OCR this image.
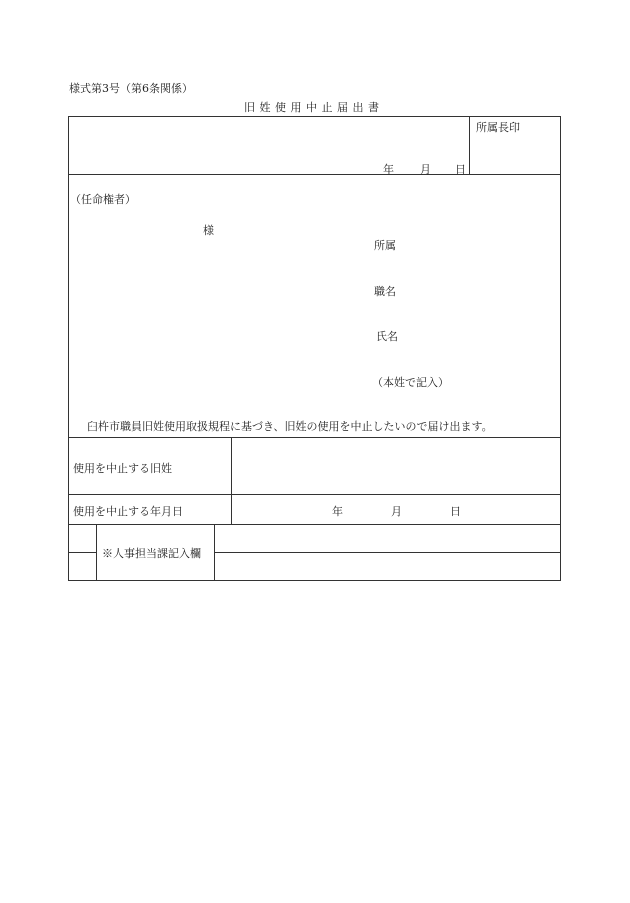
様式第3号（第6条関係）
旧姓使用中止届出書
所属長印
年 月 日
（任命権者）
様
所属
職名
氏名
（本姓で記入）
臼杵市職員旧姓使用取扱規程に基づき、旧姓の使用を中止したいので届け出ます。
使用を中止する旧姓
使用を中止する年月日	年	月	日
※人事担当課記入欄
